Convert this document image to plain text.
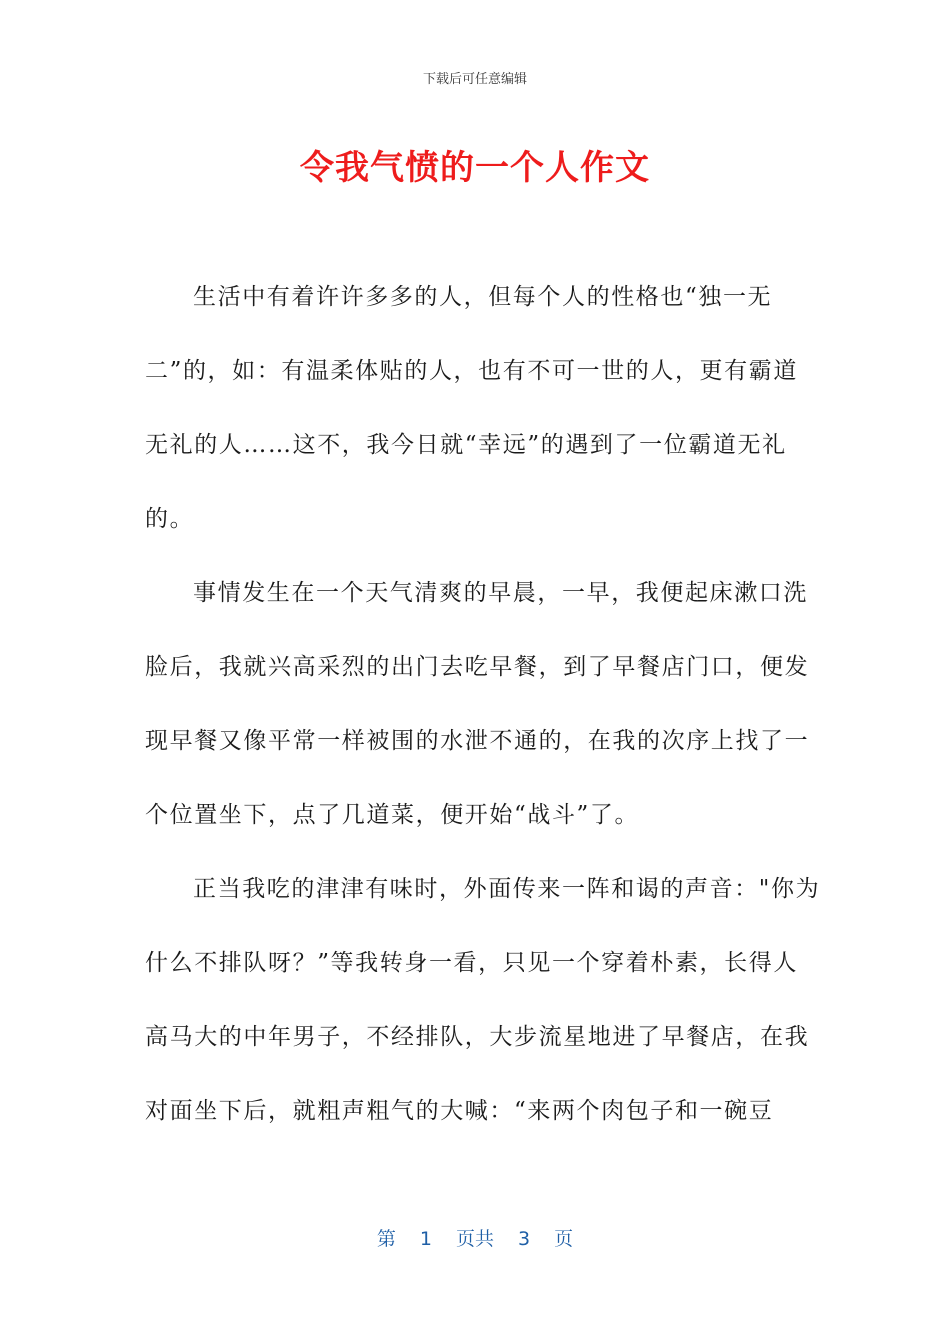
下载后可任意编辑
令我气愤的一个人作文
生活中有着许许多多的人，但每个人的性格也“独一无
二”的，如：有温柔体贴的人，也有不可一世的人，更有霸道
无礼的人……这不，我今日就“幸远”的遇到了一位霸道无礼
的。
事情发生在一个天气清爽的早晨，一早，我便起床漱口洗
脸后，我就兴高采烈的出门去吃早餐，到了早餐店门口，便发
现早餐又像平常一样被围的水泄不通的，在我的次序上找了一
个位置坐下，点了几道菜，便开始“战斗”了。
正当我吃的津津有味时，外面传来一阵和谒的声音："你为
什么不排队呀？”等我转身一看，只见一个穿着朴素，长得人
高马大的中年男子，不经排队，大步流星地进了早餐店，在我
对面坐下后，就粗声粗气的大喊：“来两个肉包子和一碗豆
第 1 页共 3 页
